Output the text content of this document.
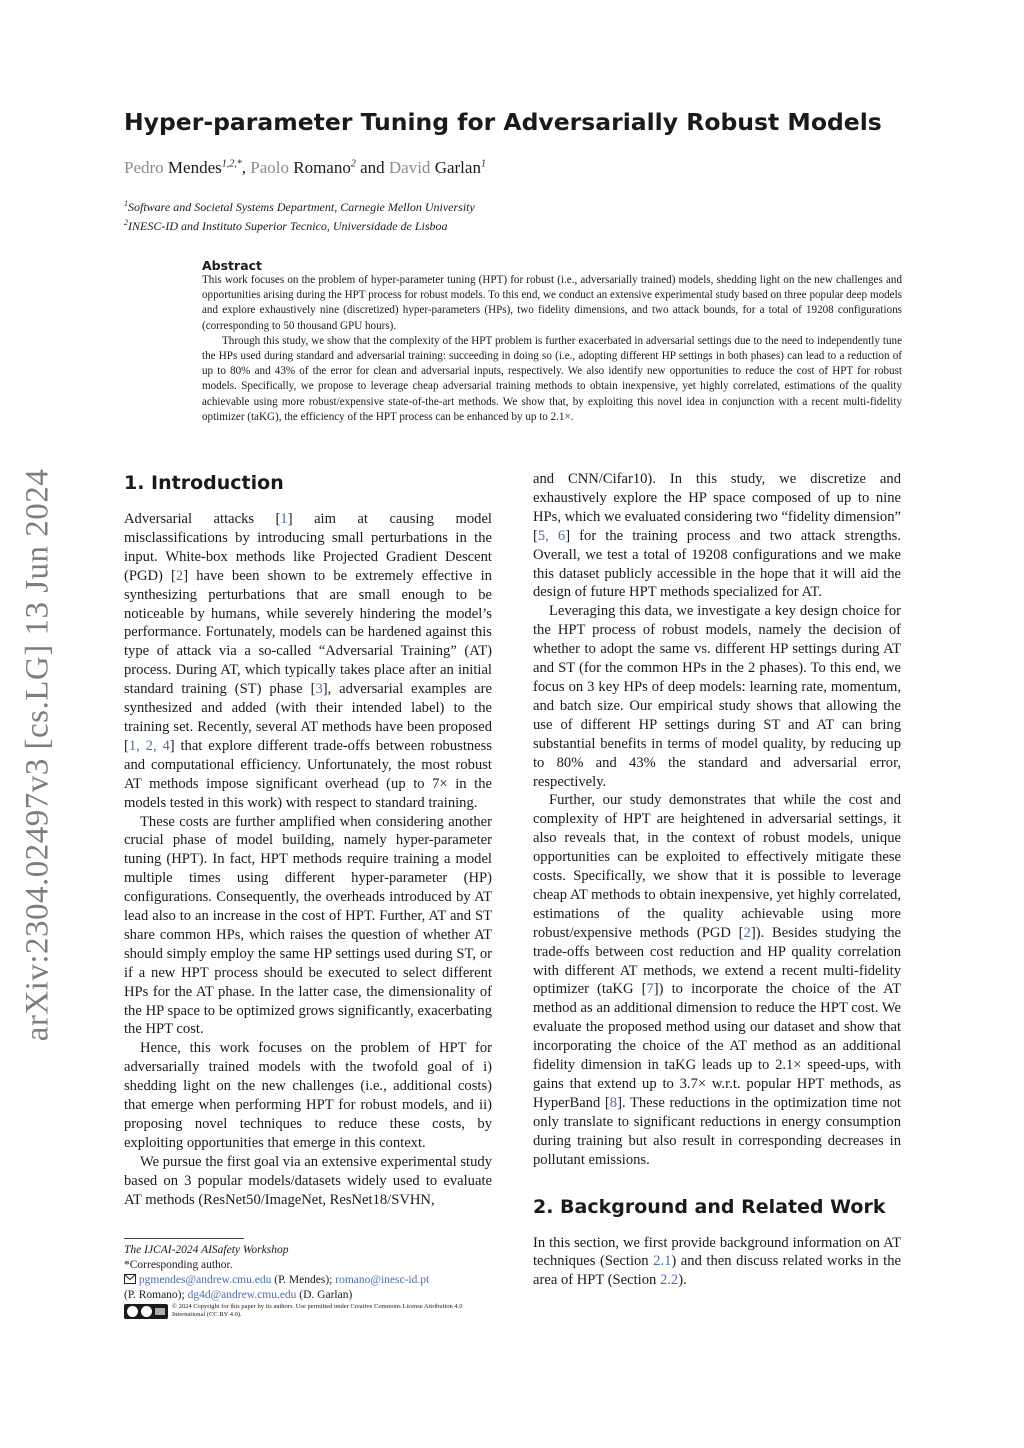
arXiv:2304.02497v3 [cs.LG] 13 Jun 2024
Hyper-parameter Tuning for Adversarially Robust Models
Pedro Mendes$^{1,2,*}$, Paolo Romano$^2$ and David Garlan$^1$
$^1$Software and Societal Systems Department, Carnegie Mellon University
$^2$INESC-ID and Instituto Superior Tecnico, Universidade de Lisboa
Abstract

This work focuses on the problem of hyper-parameter tuning (HPT) for robust (i.e., adversarially trained) models, shedding light on the new challenges and opportunities arising during the HPT process for robust models. To this end, we conduct an extensive experimental study based on three popular deep models and explore exhaustively nine (discretized) hyper-parameters (HPs), two fidelity dimensions, and two attack bounds, for a total of 19208 configurations (corresponding to 50 thousand GPU hours).

Through this study, we show that the complexity of the HPT problem is further exacerbated in adversarial settings due to the need to independently tune the HPs used during standard and adversarial training: succeeding in doing so (i.e., adopting different HP settings in both phases) can lead to a reduction of up to 80% and 43% of the error for clean and adversarial inputs, respectively. We also identify new opportunities to reduce the cost of HPT for robust models. Specifically, we propose to leverage cheap adversarial training methods to obtain inexpensive, yet highly correlated, estimations of the quality achievable using more robust/expensive state-of-the-art methods. We show that, by exploiting this novel idea in conjunction with a recent multi-fidelity optimizer (taKG), the efficiency of the HPT process can be enhanced by up to 2.1×.

1. Introduction

Adversarial attacks [1] aim at causing model misclassifications by introducing small perturbations in the input. White-box methods like Projected Gradient Descent (PGD) [2] have been shown to be extremely effective in synthesizing perturbations that are small enough to be noticeable by humans, while severely hindering the model’s performance. Fortunately, models can be hardened against this type of attack via a so-called “Adversarial Training” (AT) process. During AT, which typically takes place after an initial standard training (ST) phase [3], adversarial examples are synthesized and added (with their intended label) to the training set. Recently, several AT methods have been proposed [1, 2, 4] that explore different trade-offs between robustness and computational efficiency. Unfortunately, the most robust AT methods impose significant overhead (up to 7× in the models tested in this work) with respect to standard training.

These costs are further amplified when considering another crucial phase of model building, namely hyper-parameter tuning (HPT). In fact, HPT methods require training a model multiple times using different hyper-parameter (HP) configurations. Consequently, the overheads introduced by AT lead also to an increase in the cost of HPT. Further, AT and ST share common HPs, which raises the question of whether AT should simply employ the same HP settings used during ST, or if a new HPT process should be executed to select different HPs for the AT phase. In the latter case, the dimensionality of the HP space to be optimized grows significantly, exacerbating the HPT cost.

Hence, this work focuses on the problem of HPT for adversarially trained models with the twofold goal of i) shedding light on the new challenges (i.e., additional costs) that emerge when performing HPT for robust models, and ii) proposing novel techniques to reduce these costs, by exploiting opportunities that emerge in this context.

We pursue the first goal via an extensive experimental study based on 3 popular models/datasets widely used to evaluate AT methods (ResNet50/ImageNet, ResNet18/SVHN,

and CNN/Cifar10). In this study, we discretize and exhaustively explore the HP space composed of up to nine HPs, which we evaluated considering two “fidelity dimension” [5, 6] for the training process and two attack strengths. Overall, we test a total of 19208 configurations and we make this dataset publicly accessible in the hope that it will aid the design of future HPT methods specialized for AT.

Leveraging this data, we investigate a key design choice for the HPT process of robust models, namely the decision of whether to adopt the same vs. different HP settings during AT and ST (for the common HPs in the 2 phases). To this end, we focus on 3 key HPs of deep models: learning rate, momentum, and batch size. Our empirical study shows that allowing the use of different HP settings during ST and AT can bring substantial benefits in terms of model quality, by reducing up to 80% and 43% the standard and adversarial error, respectively.

Further, our study demonstrates that while the cost and complexity of HPT are heightened in adversarial settings, it also reveals that, in the context of robust models, unique opportunities can be exploited to effectively mitigate these costs. Specifically, we show that it is possible to leverage cheap AT methods to obtain inexpensive, yet highly correlated, estimations of the quality achievable using more robust/expensive methods (PGD [2]). Besides studying the trade-offs between cost reduction and HP quality correlation with different AT methods, we extend a recent multi-fidelity optimizer (taKG [7]) to incorporate the choice of the AT method as an additional dimension to reduce the HPT cost. We evaluate the proposed method using our dataset and show that incorporating the choice of the AT method as an additional fidelity dimension in taKG leads up to 2.1× speed-ups, with gains that extend up to 3.7× w.r.t. popular HPT methods, as HyperBand [8]. These reductions in the optimization time not only translate to significant reductions in energy consumption during training but also result in corresponding decreases in pollutant emissions.

2. Background and Related Work

In this section, we first provide background information on AT techniques (Section 2.1) and then discuss related works in the area of HPT (Section 2.2).

The IJCAI-2024 AISafety Workshop
*Corresponding author.
pgmendes@andrew.cmu.edu (P. Mendes); romano@inesc-id.pt
(P. Romano); dg4d@andrew.cmu.edu (D. Garlan)
© 2024 Copyright for this paper by its authors. Use permitted under Creative Commons License Attribution 4.0 International (CC BY 4.0).
